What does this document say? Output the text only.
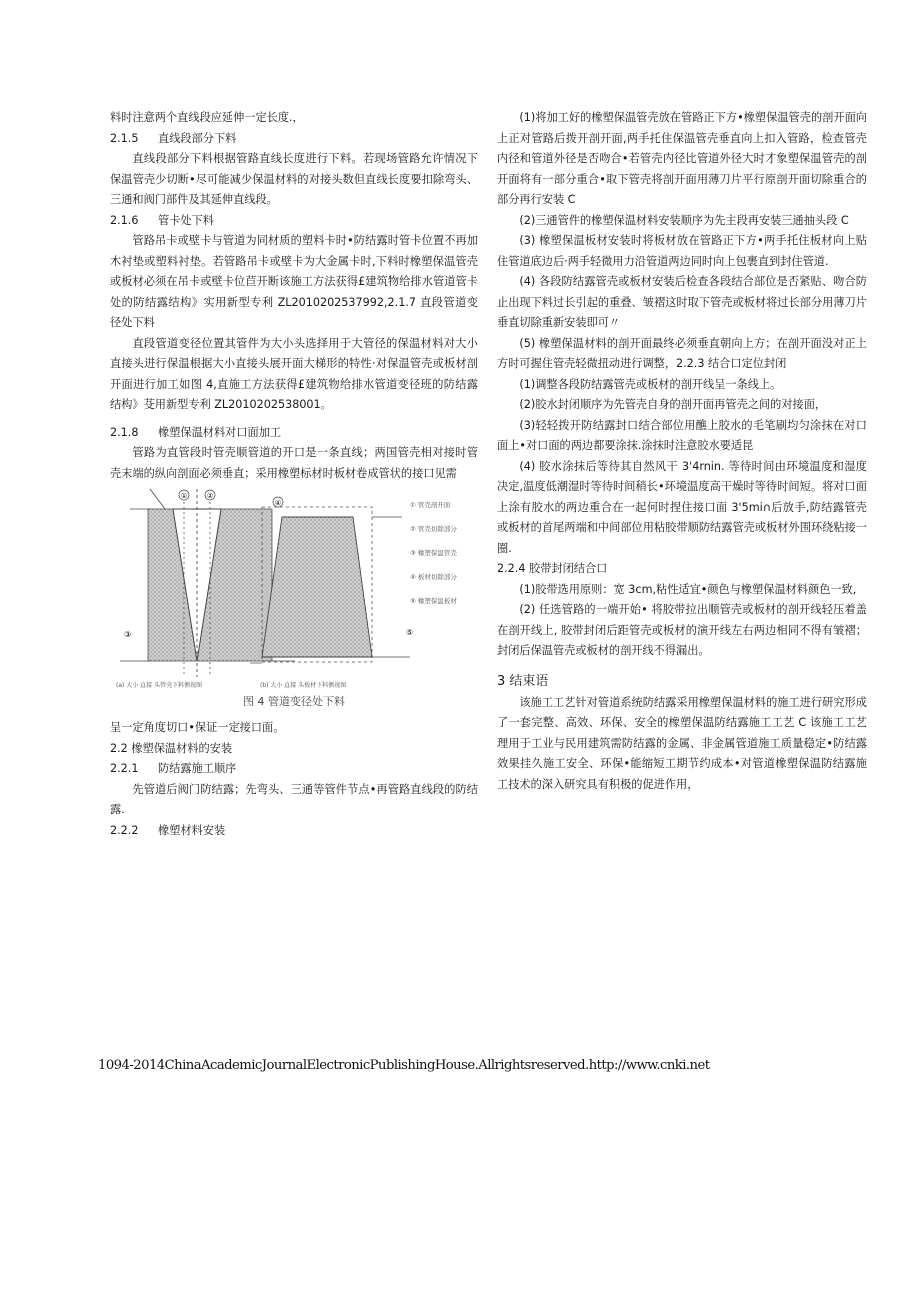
料时注意两个直线段应延伸一定长度.，

2.1.5 直线段部分下料

直线段部分下料根据管路直线长度进行下料。若现场管路允许情况下保温管壳少切断•尽可能减少保温材料的对接头数但直线长度要扣除弯头、三通和阀门部件及其延伸直线段。

2.1.6 管卡处下料

管路吊卡或壁卡与管道为同材质的塑料卡时•防结露时管卡位置不再加木衬垫或塑料衬垫。若管路吊卡或壁卡为大金属卡时,下料时橡塑保温管壳或板材必须在吊卡或壁卡位苣开断该施工方法获得£建筑物给排水管道管卡处的防结露结构》实用新型专利 ZL2010202537992,2.1.7 直段管道变径处下料

直段管道变径位置其管件为大小头选择用于大管径的保温材料对大小直接头进行保温根据大小直接头展开面大梯形的特性·对保温管壳或板材剖开面进行加工如图 4,直施工方法获得£建筑物给排水管道变径班的防结露结构》芟用新型专利 ZL2010202538001。

2.1.8 橡塑保温材料对口面加工

管路为直管段时管壳顺管道的开口是一条直线；两国管壳相对接时管壳末端的纵向剖面必须垂直；采用橡塑标材时板材卷成管状的接口见需

①	②
③
④
⑤
① 管壳剖开面
② 管壳切除部分
③ 橡塑保温管壳
④ 板材切除部分
⑤ 橡塑保温板材
(a) 大小 直接 头管壳下料侧视图	(b) 大小 直接 头板材下料侧视图

图 4 管道变径处下料

呈一定角度切口•保证一定接口面。

2.2 橡塑保温材料的安装

2.2.1 防结露施工顺序

先管道后阀门防结露；先弯头、三通等管件节点•再管路直线段的防结露.

2.2.2 橡塑材料安装

(1)将加工好的橡塑保温管壳放在管路正下方•橡塑保温管壳的剖开面向上正对管路后拨开剖开面,两手托住保温管壳垂直向上扣入管路，检查管壳内径和管道外径是否吻合•若管壳内径比管道外径大时才象塑保温管壳的剖开面将有一部分重合•取下管壳将剖开面用薄刀片平行原剖开面切除重合的部分再行安装 C

(2)三通管件的橡塑保温材料安装顺序为先主段再安装三通抽头段 C

(3) 橡塑保温板材安装时将板材放在管路正下方•两手托住板材向上贴住管道底边后·两手轻微用力沿管道两边同时向上包裹直到封住管道.

(4) 各段防结露管壳或板材安装后检查各段结合部位是否紧贴、吻合防止出现下料过长引起的重叠、皱褶这时取下管壳或板材将过长部分用薄刀片垂直切除重新安装即可〃

(5) 橡塑保温材料的剖开面最终必须垂直朝向上方；在剖开面没对正上方时可握住管壳轻微扭动进行调整，2.2.3 结合口定位封闭

(1)调整各段防结露管壳或板材的剖开线呈一条线上。

(2)胶水封闭顺序为先管壳自身的剖开面再管壳之间的对接面，

(3)轻轻拨开防结露封口结合部位用醮上胶水的毛笔刷均匀涂抹在对口面上•对口面的两边都要涂抹.涂抹时注意胶水要适昆

(4) 胶水涂抹后等待其自然风干 3'4rnin. 等待时间由环境温度和湿度决定,温度低潮湿时等待时间稍长•环境温度高干燥时等待时间短。将对口面上涂有胶水的两边重合在一起何时捏住接口面 3'5mi∩后放手,防结露管壳或板材的首尾两端和中间部位用粘胶带顺防结露管壳或板材外围环绕粘接一圈.

2.2.4 胶带封闭结合口

(1)胶带选用原则：宽 3cm,粘性适宜•颜色与橡塑保温材料颜色一致,

(2) 任选管路的一端开始• 将胶带拉出顺管壳或板材的剖开线轻压着盖在剖开线上, 胶带封闭后距管壳或板材的演开线左右两边相同不得有皱褶；封闭后保温管壳或板材的剖开线不得漏出。

3 结束语

该施工工艺针对管道系统防结露采用橡塑保温材料的施工进行研究形成了一套完整、高效、环保、安全的橡塑保温防结露施工工艺 C 该施工工艺理用于工业与民用建筑需防结露的金属、非金属管道施工质量稳定•防结露效果挂久施工安全、环保•能缩短工期节约成本•对管道橡塑保温防结露施工技术的深入研究具有积极的促进作用，

1094-2014ChinaAcademicJournalElectronicPublishingHouse.Allrightsreserved.http://www.cnki.net
